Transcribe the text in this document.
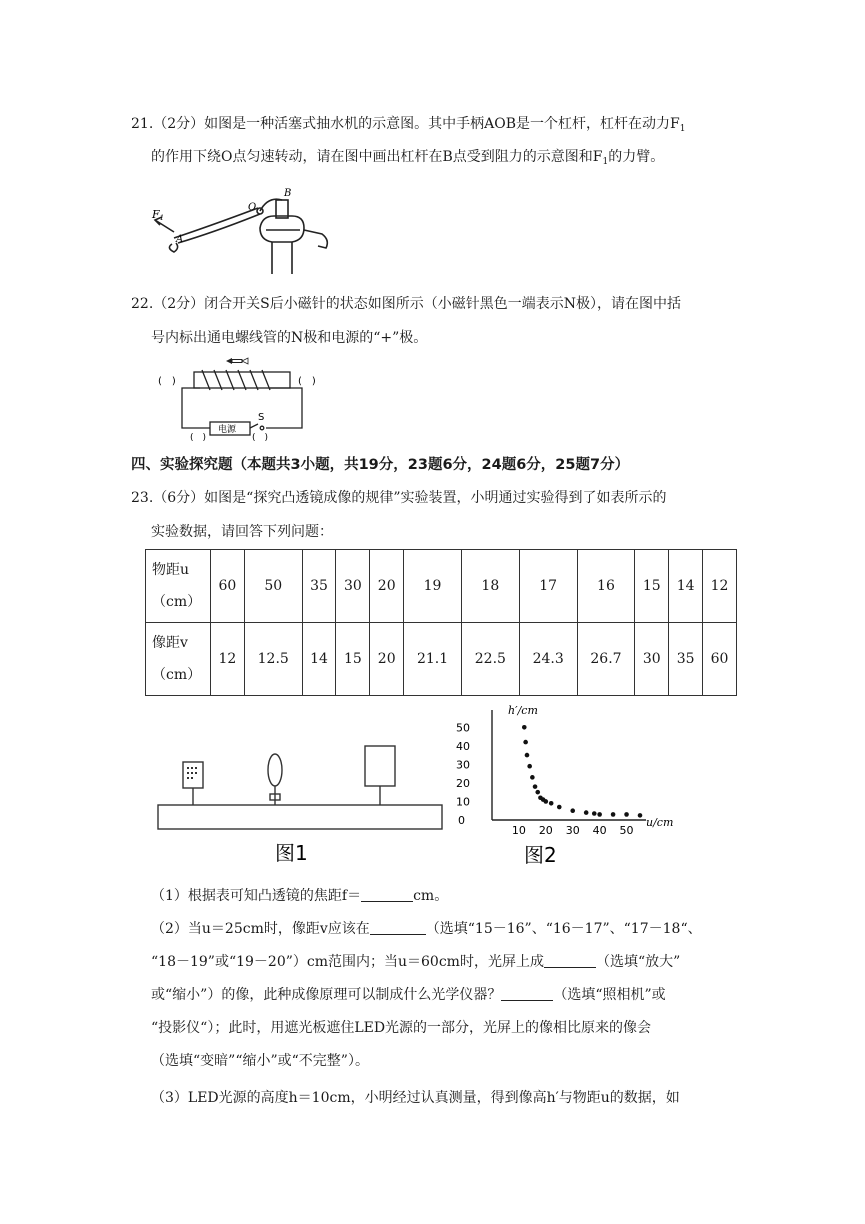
21.（2分）如图是一种活塞式抽水机的示意图。其中手柄AOB是一个杠杆，杠杆在动力$F_1$
的作用下绕O点匀速转动，请在图中画出杠杆在B点受到阻力的示意图和$F_1$的力臂。
F1
A
O
B
22.（2分）闭合开关S后小磁针的状态如图所示（小磁针黑色一端表示N极），请在图中括
号内标出通电螺线管的N极和电源的“+”极。
(　)	(　)
电源
S
(　)	(　)
四、实验探究题（本题共3小题，共19分，23题6分，24题6分，25题7分）
23.（6分）如图是“探究凸透镜成像的规律”实验装置，小明通过实验得到了如表所示的
实验数据，请回答下列问题：
物距u
（cm）	60	50	35	30	20	19	18	17	16	15	14	12
像距v
（cm）	12	12.5	14	15	20	21.1	22.5	24.3	26.7	30	35	60
图1
50
40
30
20
10
0
10 20 30 40 50
h′/cm
u/cm
图2
（1）根据表可知凸透镜的焦距f＝	cm。
（2）当u＝25cm时，像距v应该在	（选填“15－16”、“16－17”、“17－18“、
“18－19”或“19－20”）cm范围内；当u＝60cm时，光屏上成	（选填“放大”
或“缩小”）的像，此种成像原理可以制成什么光学仪器？	（选填“照相机”或
“投影仪“）；此时，用遮光板遮住LED光源的一部分，光屏上的像相比原来的像会
（选填“变暗”“缩小”或“不完整”）。
（3）LED光源的高度h＝10cm，小明经过认真测量，得到像高h′与物距u的数据，如
